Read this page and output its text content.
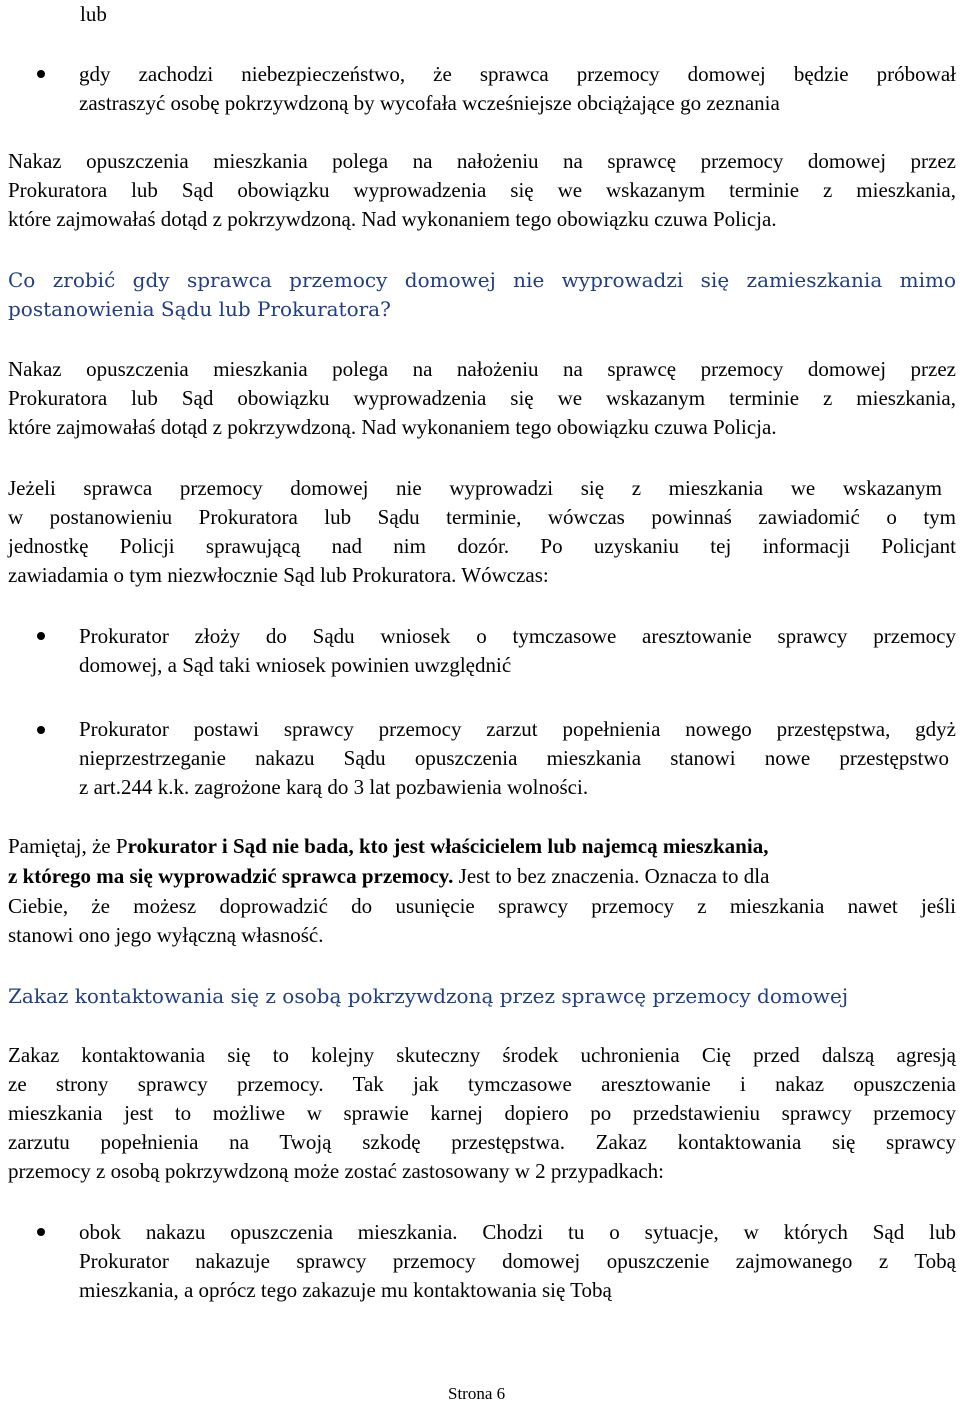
lub
gdy zachodzi niebezpieczeństwo, że sprawca przemocy domowej będzie próbował
zastraszyć osobę pokrzywdzoną by wycofała wcześniejsze obciążające go zeznania
Nakaz opuszczenia mieszkania polega na nałożeniu na sprawcę przemocy domowej przez
Prokuratora lub Sąd obowiązku wyprowadzenia się we wskazanym terminie z mieszkania,
które zajmowałaś dotąd z pokrzywdzoną. Nad wykonaniem tego obowiązku czuwa Policja.
Co zrobić gdy sprawca przemocy domowej nie wyprowadzi się zamieszkania mimo
postanowienia Sądu lub Prokuratora?
Nakaz opuszczenia mieszkania polega na nałożeniu na sprawcę przemocy domowej przez
Prokuratora lub Sąd obowiązku wyprowadzenia się we wskazanym terminie z mieszkania,
które zajmowałaś dotąd z pokrzywdzoną. Nad wykonaniem tego obowiązku czuwa Policja.
Jeżeli sprawca przemocy domowej nie wyprowadzi się z mieszkania we wskazanym
w postanowieniu Prokuratora lub Sądu terminie, wówczas powinnaś zawiadomić o tym
jednostkę Policji sprawującą nad nim dozór. Po uzyskaniu tej informacji Policjant
zawiadamia o tym niezwłocznie Sąd lub Prokuratora. Wówczas:
Prokurator złoży do Sądu wniosek o tymczasowe aresztowanie sprawcy przemocy
domowej, a Sąd taki wniosek powinien uwzględnić
Prokurator postawi sprawcy przemocy zarzut popełnienia nowego przestępstwa, gdyż
nieprzestrzeganie nakazu Sądu opuszczenia mieszkania stanowi nowe przestępstwo
z art.244 k.k. zagrożone karą do 3 lat pozbawienia wolności.
Pamiętaj, że Prokurator i Sąd nie bada, kto jest właścicielem lub najemcą mieszkania,
z którego ma się wyprowadzić sprawca przemocy. Jest to bez znaczenia. Oznacza to dla
Ciebie, że możesz doprowadzić do usunięcie sprawcy przemocy z mieszkania nawet jeśli
stanowi ono jego wyłączną własność.
Zakaz kontaktowania się z osobą pokrzywdzoną przez sprawcę przemocy domowej
Zakaz kontaktowania się to kolejny skuteczny środek uchronienia Cię przed dalszą agresją
ze strony sprawcy przemocy. Tak jak tymczasowe aresztowanie i nakaz opuszczenia
mieszkania jest to możliwe w sprawie karnej dopiero po przedstawieniu sprawcy przemocy
zarzutu popełnienia na Twoją szkodę przestępstwa. Zakaz kontaktowania się sprawcy
przemocy z osobą pokrzywdzoną może zostać zastosowany w 2 przypadkach:
obok nakazu opuszczenia mieszkania. Chodzi tu o sytuacje, w których Sąd lub
Prokurator nakazuje sprawcy przemocy domowej opuszczenie zajmowanego z Tobą
mieszkania, a oprócz tego zakazuje mu kontaktowania się Tobą
Strona 6
